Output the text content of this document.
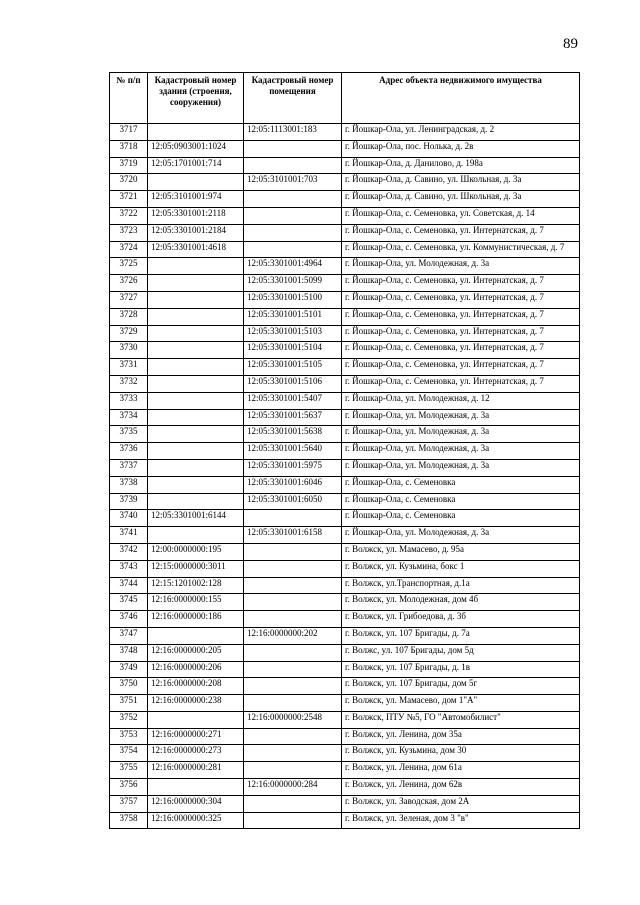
89
№ п/п	Кадастровый номер здания (строения, сооружения)	Кадастровый номер помещения	Адрес объекта недвижимого имущества
3717		12:05:1113001:183	г. Йошкар-Ола, ул. Ленинградская, д. 2
3718	12:05:0903001:1024		г. Йошкар-Ола, пос. Нолька, д. 2в
3719	12:05:1701001:714		г. Йошкар-Ола, д. Данилово, д. 198а
3720		12:05:3101001:703	г. Йошкар-Ола, д. Савино, ул. Школьная, д. 3а
3721	12:05:3101001:974		г. Йошкар-Ола, д. Савино, ул. Школьная, д. 3а
3722	12:05:3301001:2118		г. Йошкар-Ола, с. Семеновка, ул. Советская, д. 14
3723	12:05:3301001:2184		г. Йошкар-Ола, с. Семеновка, ул. Интернатская, д. 7
3724	12:05:3301001:4618		г. Йошкар-Ола, с. Семеновка, ул. Коммунистическая, д. 7
3725		12:05:3301001:4964	г. Йошкар-Ола, ул. Молодежная, д. 3а
3726		12:05:3301001:5099	г. Йошкар-Ола, с. Семеновка, ул. Интернатская, д. 7
3727		12:05:3301001:5100	г. Йошкар-Ола, с. Семеновка, ул. Интернатская, д. 7
3728		12:05:3301001:5101	г. Йошкар-Ола, с. Семеновка, ул. Интернатская, д. 7
3729		12:05:3301001:5103	г. Йошкар-Ола, с. Семеновка, ул. Интернатская, д. 7
3730		12:05:3301001:5104	г. Йошкар-Ола, с. Семеновка, ул. Интернатская, д. 7
3731		12:05:3301001:5105	г. Йошкар-Ола, с. Семеновка, ул. Интернатская, д. 7
3732		12:05:3301001:5106	г. Йошкар-Ола, с. Семеновка, ул. Интернатская, д. 7
3733		12:05:3301001:5407	г. Йошкар-Ола, ул. Молодежная, д. 12
3734		12:05:3301001:5637	г. Йошкар-Ола, ул. Молодежная, д. 3а
3735		12:05:3301001:5638	г. Йошкар-Ола, ул. Молодежная, д. 3а
3736		12:05:3301001:5640	г. Йошкар-Ола, ул. Молодежная, д. 3а
3737		12:05:3301001:5975	г. Йошкар-Ола, ул. Молодежная, д. 3а
3738		12:05:3301001:6046	г. Йошкар-Ола, с. Семеновка
3739		12:05:3301001:6050	г. Йошкар-Ола, с. Семеновка
3740	12:05:3301001:6144		г. Йошкар-Ола, с. Семеновка
3741		12:05:3301001:6158	г. Йошкар-Ола, ул. Молодежная, д. 3а
3742	12:00:0000000:195		г. Волжск, ул. Мамасево, д. 95а
3743	12:15:0000000:3011		г. Волжск, ул. Кузьмина, бокс 1
3744	12:15:1201002:128		г. Волжск, ул.Транспортная, д.1а
3745	12:16:0000000:155		г. Волжск, ул. Молодежная, дом 4б
3746	12:16:0000000:186		г. Волжск, ул. Грибоедова, д. 3б
3747		12:16:0000000:202	г. Волжск, ул. 107 Бригады, д. 7а
3748	12:16:0000000:205		г. Волжс, ул. 107 Бригады, дом 5д
3749	12:16:0000000:206		г. Волжск, ул. 107 Бригады, д. 1в
3750	12:16:0000000:208		г. Волжск, ул. 107 Бригады, дом 5г
3751	12:16:0000000:238		г. Волжск, ул. Мамасево, дом 1"А"
3752		12:16:0000000:2548	г. Волжск, ПТУ №5, ГО "Автомобилист"
3753	12:16:0000000:271		г. Волжск, ул. Ленина, дом 35а
3754	12:16:0000000:273		г. Волжск, ул. Кузьмина, дом 30
3755	12:16:0000000:281		г. Волжск, ул. Ленина, дом 61а
3756		12:16:0000000:284	г. Волжск, ул. Ленина, дом 62в
3757	12:16:0000000:304		г. Волжск, ул. Заводская, дом 2А
3758	12:16:0000000:325		г. Волжск, ул. Зеленая, дом 3 "в"
